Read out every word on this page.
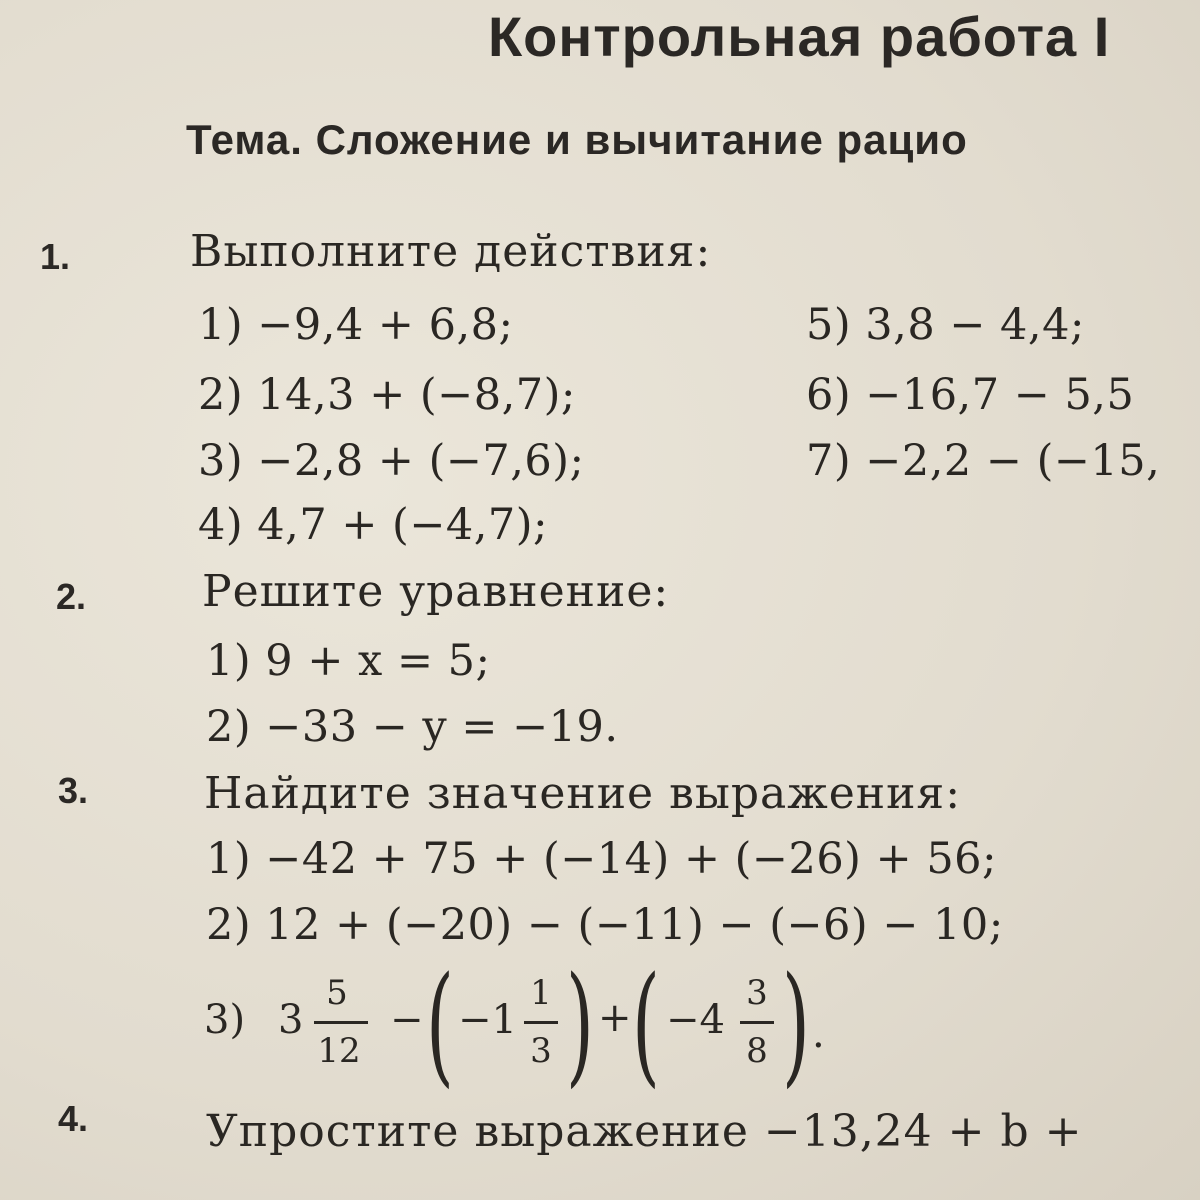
Контрольная работа I
Тема. Сложение и вычитание рацио
1.	Выполните действия:
1) −9,4 + 6,8;
2) 14,3 + (−8,7);
3) −2,8 + (−7,6);
4) 4,7 + (−4,7);
5) 3,8 − 4,4;
6) −16,7 − 5,5
7) −2,2 − (−15,
2.	Решите уравнение:
1) 9 + x = 5;
2) −33 − y = −19.
3.	Найдите значение выражения:
1) −42 + 75 + (−14) + (−26) + 56;
2) 12 + (−20) − (−11) − (−6) − 10;
3) 3
5
12
− ( −1
1
3 ) + ( −4
3
8 ) .
4.	Упростите выражение −13,24 + b +
